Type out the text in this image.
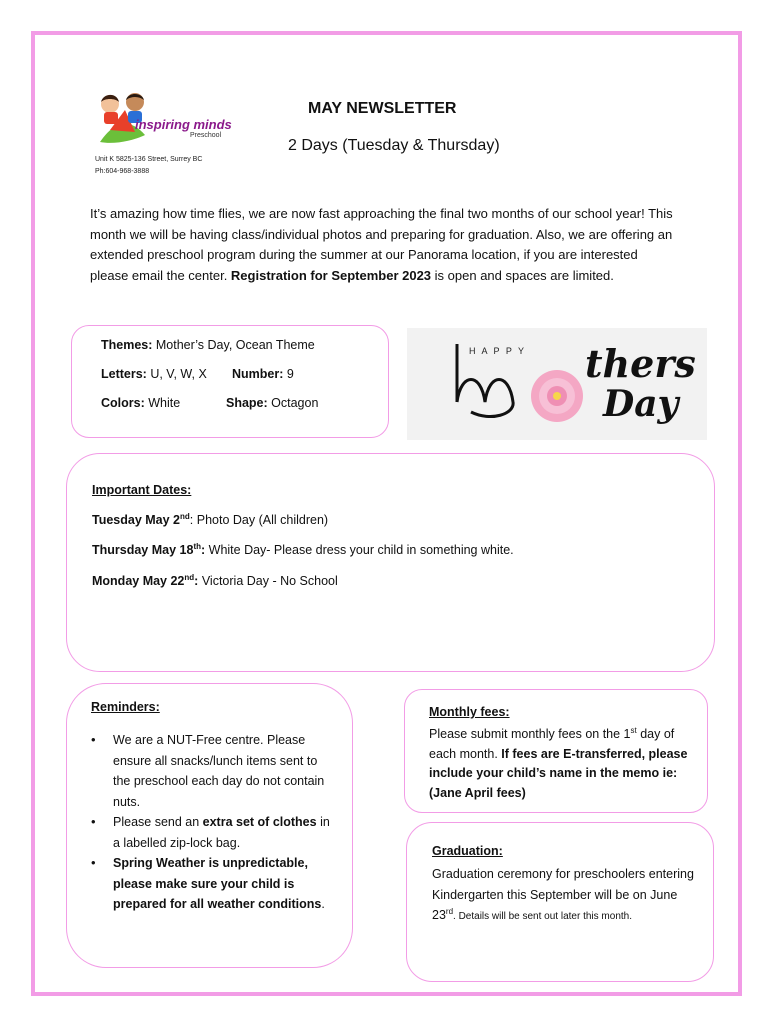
inspiring minds
Preschool
Unit K 5825-136 Street, Surrey BC
Ph:604-968-3888
MAY NEWSLETTER
2 Days (Tuesday & Thursday)
It’s amazing how time flies, we are now fast approaching the final two months of our school year! This month we will be having class/individual photos and preparing for graduation. Also, we are offering an extended preschool program during the summer at our Panorama location, if you are interested please email the center. Registration for September 2023 is open and spaces are limited.
Themes: Mother’s Day, Ocean Theme
Letters: U, V, W, X Number: 9
Colors: White	Shape: Octagon
H A P P Y thers
Day
Important Dates:
Tuesday May 2nd: Photo Day (All children)
Thursday May 18th: White Day- Please dress your child in something white.
Monday May 22nd: Victoria Day - No School
Reminders:
• We are a NUT-Free centre. Please ensure all snacks/lunch items sent to the preschool each day do not contain nuts.
• Please send an extra set of clothes in a labelled zip-lock bag.
• Spring Weather is unpredictable, please make sure your child is prepared for all weather conditions.
Monthly fees:
Please submit monthly fees on the 1st day of each month. If fees are E-transferred, please include your child’s name in the memo ie: (Jane April fees)
Graduation:
Graduation ceremony for preschoolers entering Kindergarten this September will be on June 23rd. Details will be sent out later this month.
